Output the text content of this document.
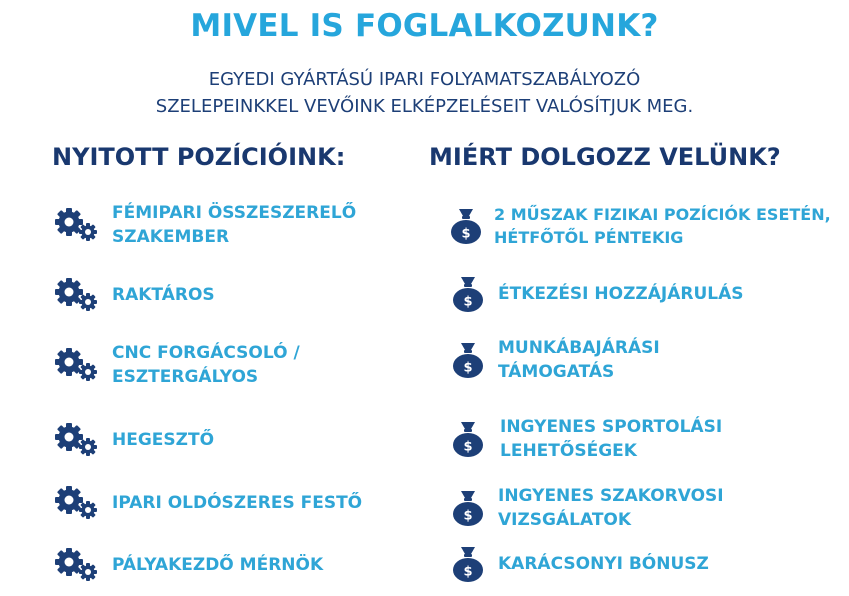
MIVEL IS FOGLALKOZUNK?
EGYEDI GYÁRTÁSÚ IPARI FOLYAMATSZABÁLYOZÓ
SZELEPEINKKEL VEVŐINK ELKÉPZELÉSEIT VALÓSÍTJUK MEG.
NYITOTT POZÍCIÓINK:	MIÉRT DOLGOZZ VELÜNK?
FÉMIPARI ÖSSZESZERELŐ
SZAKEMBER
RAKTÁROS
CNC FORGÁCSOLÓ /
ESZTERGÁLYOS
HEGESZTŐ
IPARI OLDÓSZERES FESTŐ
PÁLYAKEZDŐ MÉRNÖK
$
2 MŰSZAK FIZIKAI POZÍCIÓK ESETÉN,
HÉTFŐTŐL PÉNTEKIG
$ ÉTKEZÉSI HOZZÁJÁRULÁS
$
MUNKÁBAJÁRÁSI
TÁMOGATÁS
$
INGYENES SPORTOLÁSI
LEHETŐSÉGEK
$
INGYENES SZAKORVOSI
VIZSGÁLATOK
$ KARÁCSONYI BÓNUSZ
